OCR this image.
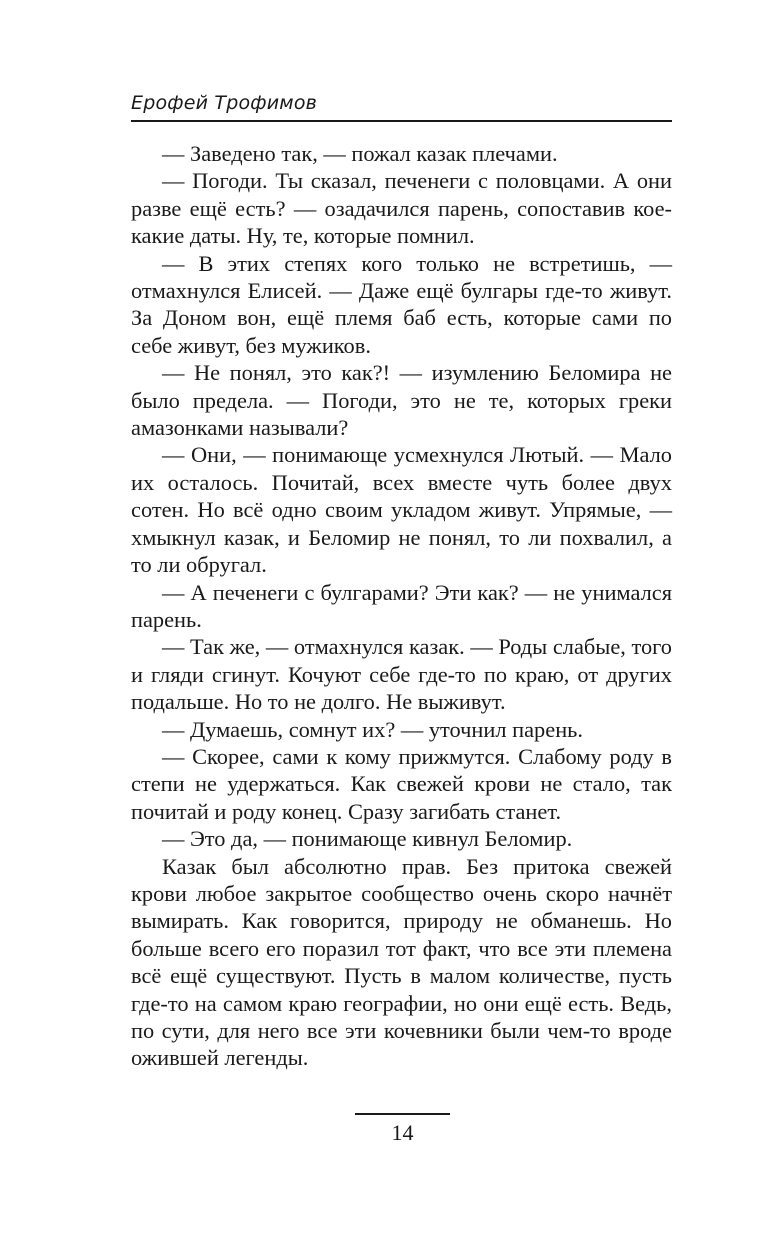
Ерофей Трофимов

— Заведено так, — пожал казак плечами.

— Погоди. Ты сказал, печенеги с половцами. А они разве ещё есть? — озадачился парень, сопоставив кое-какие даты. Ну, те, которые помнил.

— В этих степях кого только не встретишь, — отмахнулся Елисей. — Даже ещё булгары где-то живут. За Доном вон, ещё племя баб есть, которые сами по себе живут, без мужиков.

— Не понял, это как?! — изумлению Беломира не было предела. — Погоди, это не те, которых греки амазонками называли?

— Они, — понимающе усмехнулся Лютый. — Мало их осталось. Почитай, всех вместе чуть более двух сотен. Но всё одно своим укладом живут. Упрямые, — хмыкнул казак, и Беломир не понял, то ли похвалил, а то ли обругал.

— А печенеги с булгарами? Эти как? — не унимался парень.

— Так же, — отмахнулся казак. — Роды слабые, того и гляди сгинут. Кочуют себе где-то по краю, от других подальше. Но то не долго. Не выживут.

— Думаешь, сомнут их? — уточнил парень.

— Скорее, сами к кому прижмутся. Слабому роду в степи не удержаться. Как свежей крови не стало, так почитай и роду конец. Сразу загибать станет.

— Это да, — понимающе кивнул Беломир.

Казак был абсолютно прав. Без притока свежей крови любое закрытое сообщество очень скоро начнёт вымирать. Как говорится, природу не обманешь. Но больше всего его поразил тот факт, что все эти племена всё ещё существуют. Пусть в малом количестве, пусть где-то на самом краю географии, но они ещё есть. Ведь, по сути, для него все эти кочевники были чем-то вроде ожившей легенды.

14
